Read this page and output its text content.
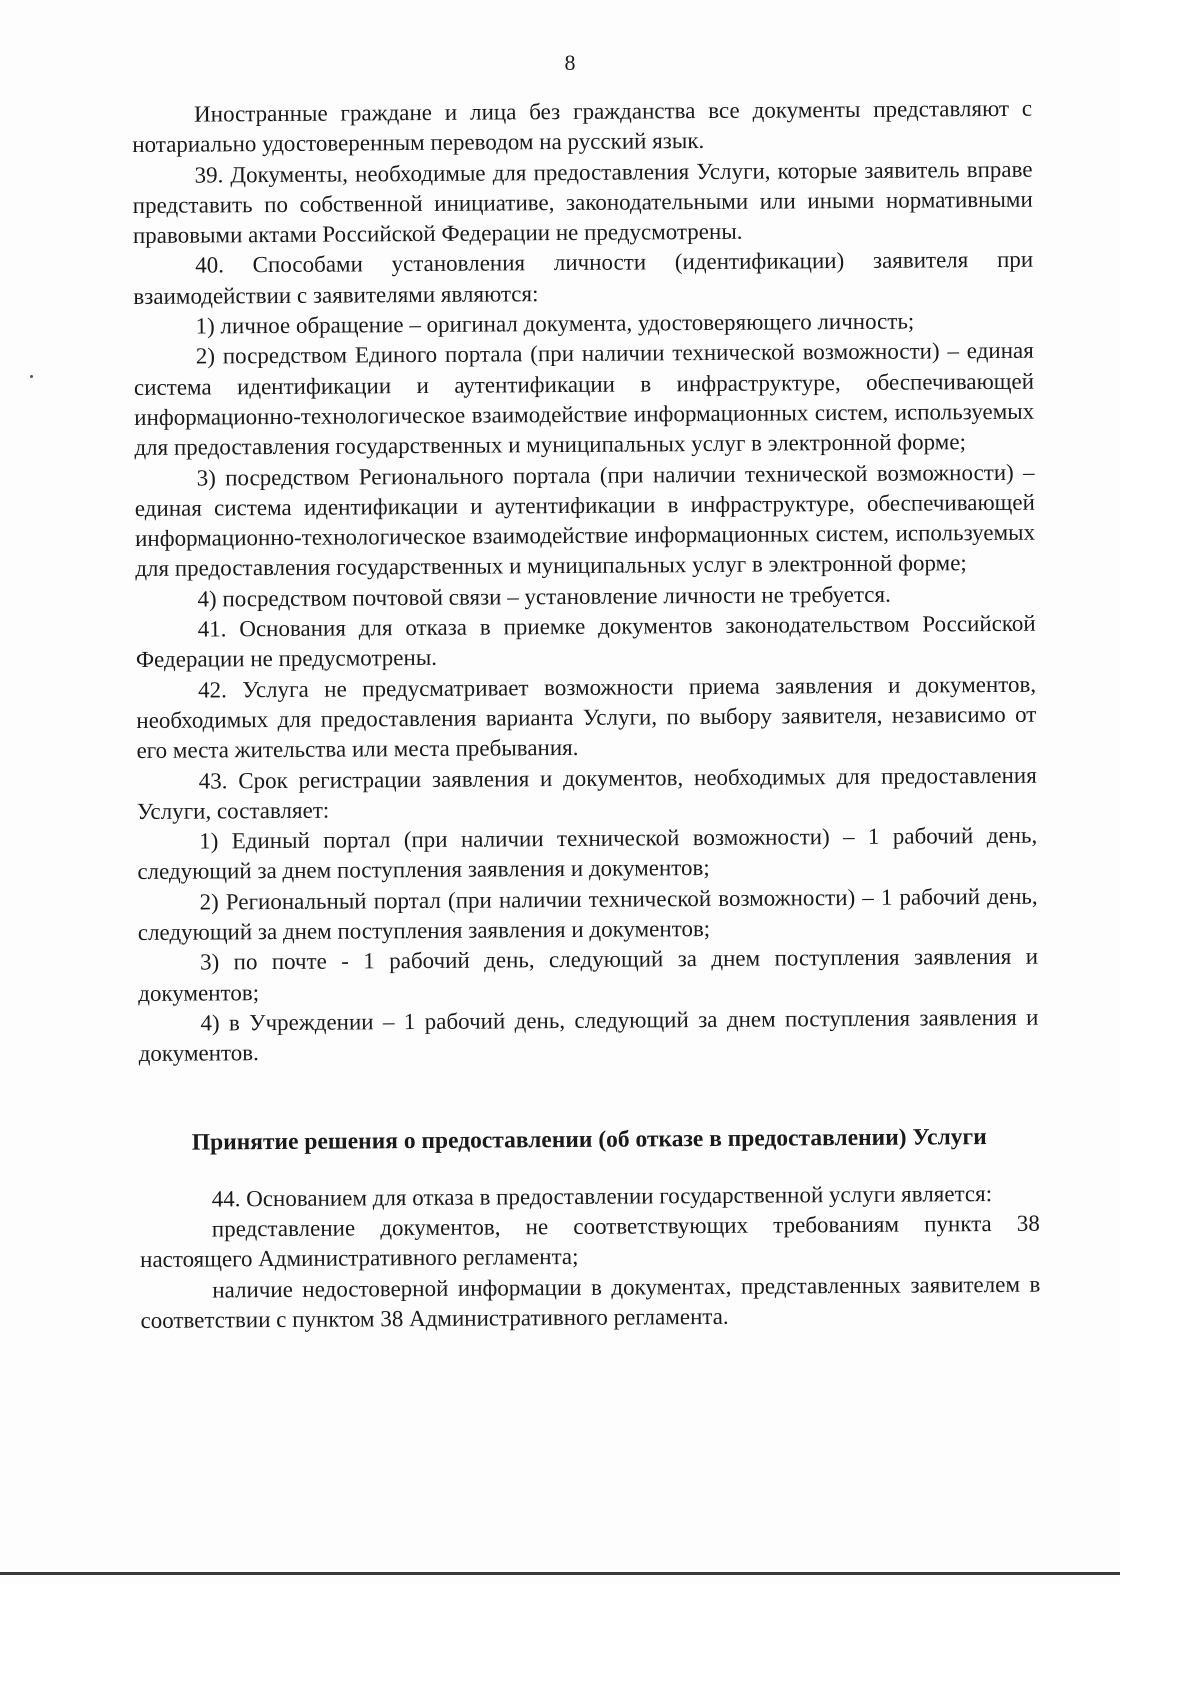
8

Иностранные граждане и лица без гражданства все документы представляют с нотариально удостоверенным переводом на русский язык.

39. Документы, необходимые для предоставления Услуги, которые заявитель вправе представить по собственной инициативе, законодательными или иными нормативными правовыми актами Российской Федерации не предусмотрены.

40. Способами установления личности (идентификации) заявителя при взаимодействии с заявителями являются:

1) личное обращение – оригинал документа, удостоверяющего личность;

2) посредством Единого портала (при наличии технической возможности) – единая система идентификации и аутентификации в инфраструктуре, обеспечивающей информационно-технологическое взаимодействие информационных систем, используемых для предоставления государственных и муниципальных услуг в электронной форме;

3) посредством Регионального портала (при наличии технической возможности) – единая система идентификации и аутентификации в инфраструктуре, обеспечивающей информационно-технологическое взаимодействие информационных систем, используемых для предоставления государственных и муниципальных услуг в электронной форме;

4) посредством почтовой связи – установление личности не требуется.

41. Основания для отказа в приемке документов законодательством Российской Федерации не предусмотрены.

42. Услуга не предусматривает возможности приема заявления и документов, необходимых для предоставления варианта Услуги, по выбору заявителя, независимо от его места жительства или места пребывания.

43. Срок регистрации заявления и документов, необходимых для предоставления Услуги, составляет:

1) Единый портал (при наличии технической возможности) – 1 рабочий день, следующий за днем поступления заявления и документов;

2) Региональный портал (при наличии технической возможности) – 1 рабочий день, следующий за днем поступления заявления и документов;

3) по почте - 1 рабочий день, следующий за днем поступления заявления и документов;

4) в Учреждении – 1 рабочий день, следующий за днем поступления заявления и документов.

Принятие решения о предоставлении (об отказе в предоставлении) Услуги

44. Основанием для отказа в предоставлении государственной услуги является:

представление документов, не соответствующих требованиям пункта 38 настоящего Административного регламента;

наличие недостоверной информации в документах, представленных заявителем в соответствии с пунктом 38 Административного регламента.
